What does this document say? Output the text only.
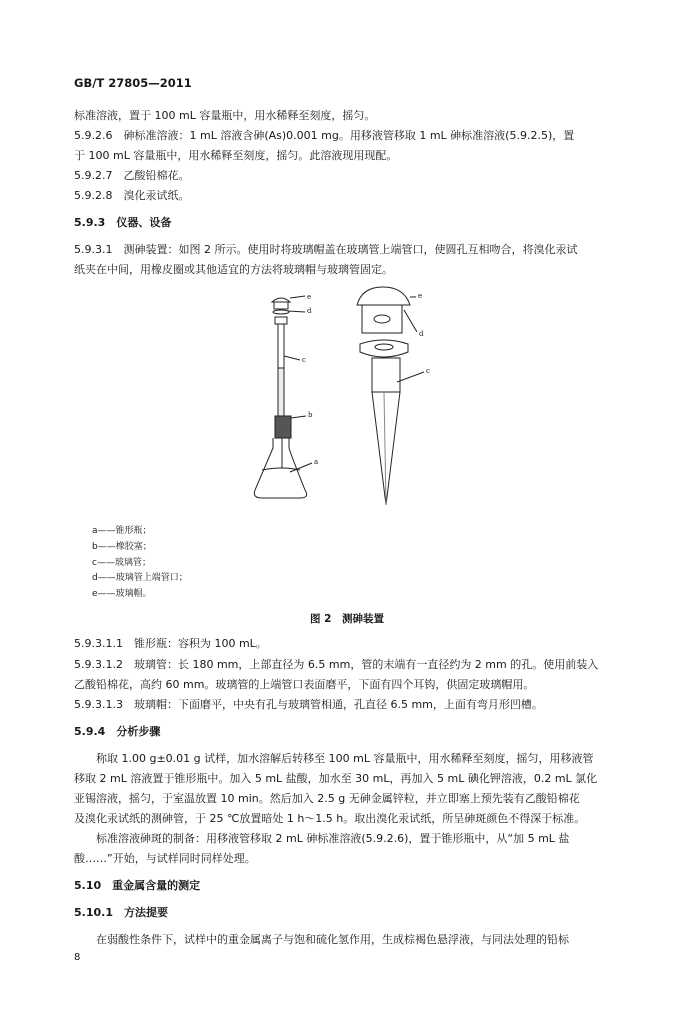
GB/T 27805—2011
标准溶液，置于 100 mL 容量瓶中，用水稀释至刻度，摇匀。
5.9.2.6　砷标准溶液：1 mL 溶液含砷(As)0.001 mg。用移液管移取 1 mL 砷标准溶液(5.9.2.5)，置
于 100 mL 容量瓶中，用水稀释至刻度，摇匀。此溶液现用现配。
5.9.2.7　乙酸铅棉花。
5.9.2.8　溴化汞试纸。
5.9.3　仪器、设备
5.9.3.1　测砷装置：如图 2 所示。使用时将玻璃帽盖在玻璃管上端管口，使圆孔互相吻合，将溴化汞试
纸夹在中间，用橡皮圈或其他适宜的方法将玻璃帽与玻璃管固定。
e
d
c
b
a
e
d
c
a——锥形瓶；
b——橡胶塞；
c——玻璃管；
d——玻璃管上端管口；
e——玻璃帽。
图 2　测砷装置
5.9.3.1.1　锥形瓶：容积为 100 mL。
5.9.3.1.2　玻璃管：长 180 mm，上部直径为 6.5 mm，管的末端有一直径约为 2 mm 的孔。使用前装入
乙酸铅棉花，高约 60 mm。玻璃管的上端管口表面磨平，下面有四个耳钩，供固定玻璃帽用。
5.9.3.1.3　玻璃帽：下面磨平，中央有孔与玻璃管相通，孔直径 6.5 mm，上面有弯月形凹槽。
5.9.4　分析步骤
称取 1.00 g±0.01 g 试样，加水溶解后转移至 100 mL 容量瓶中，用水稀释至刻度，摇匀，用移液管
移取 2 mL 溶液置于锥形瓶中。加入 5 mL 盐酸，加水至 30 mL，再加入 5 mL 碘化钾溶液，0.2 mL 氯化
亚锡溶液，摇匀，于室温放置 10 min。然后加入 2.5 g 无砷金属锌粒，并立即塞上预先装有乙酸铅棉花
及溴化汞试纸的测砷管，于 25 ℃放置暗处 1 h～1.5 h。取出溴化汞试纸，所呈砷斑颜色不得深于标准。
标准溶液砷斑的制备：用移液管移取 2 mL 砷标准溶液(5.9.2.6)，置于锥形瓶中，从“加 5 mL 盐
酸……”开始，与试样同时同样处理。
5.10　重金属含量的测定
5.10.1　方法提要
在弱酸性条件下，试样中的重金属离子与饱和硫化氢作用，生成棕褐色悬浮液，与同法处理的铅标
8
